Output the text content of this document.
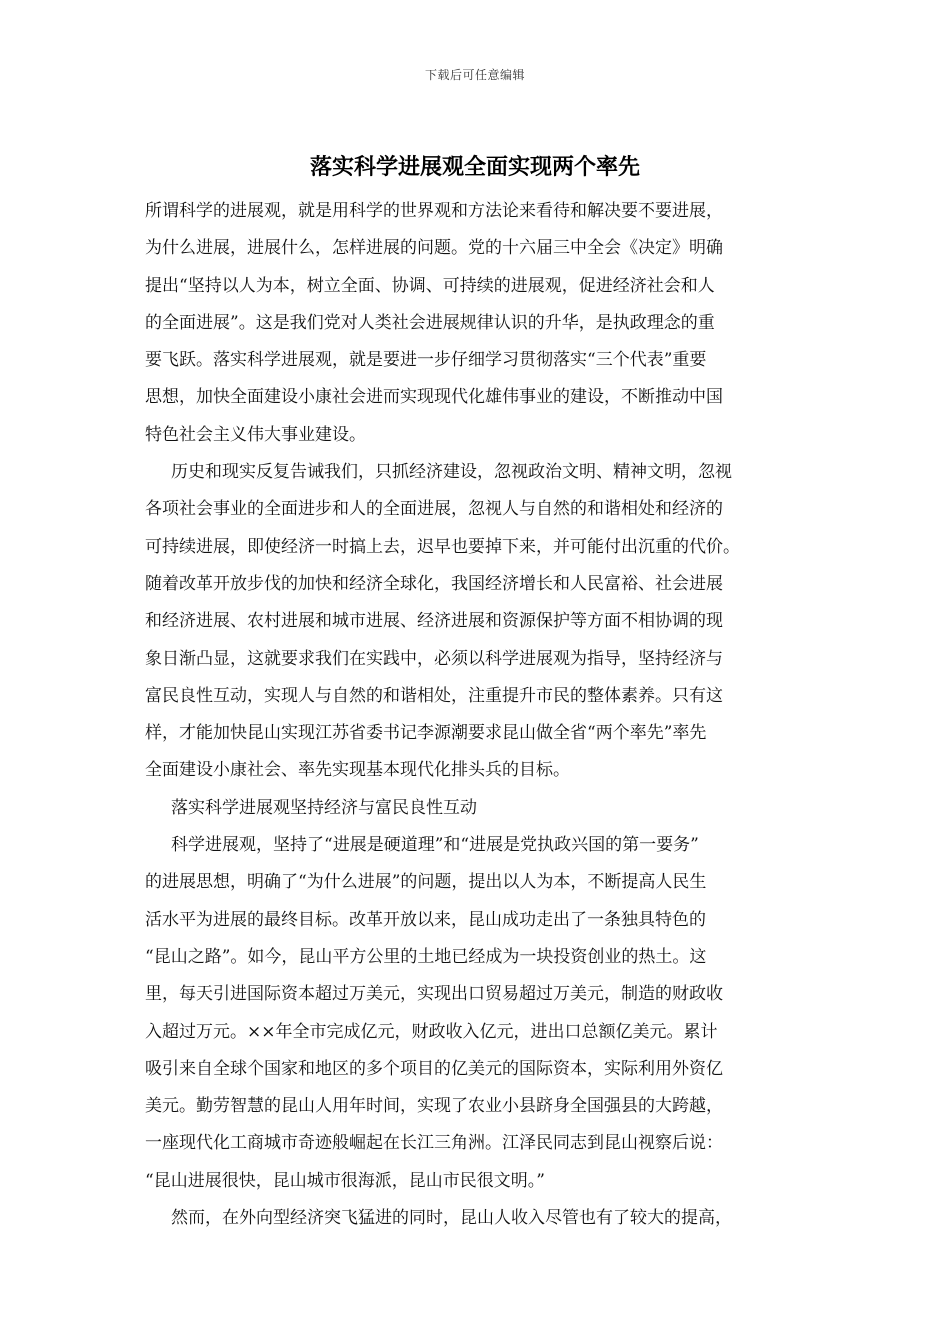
下载后可任意编辑
落实科学进展观全面实现两个率先
所谓科学的进展观，就是用科学的世界观和方法论来看待和解决要不要进展，
为什么进展，进展什么，怎样进展的问题。党的十六届三中全会《决定》明确
提出“坚持以人为本，树立全面、协调、可持续的进展观，促进经济社会和人
的全面进展”。这是我们党对人类社会进展规律认识的升华，是执政理念的重
要飞跃。落实科学进展观，就是要进一步仔细学习贯彻落实“三个代表”重要
思想，加快全面建设小康社会进而实现现代化雄伟事业的建设，不断推动中国
特色社会主义伟大事业建设。
历史和现实反复告诫我们，只抓经济建设，忽视政治文明、精神文明，忽视
各项社会事业的全面进步和人的全面进展，忽视人与自然的和谐相处和经济的
可持续进展，即使经济一时搞上去，迟早也要掉下来，并可能付出沉重的代价。
随着改革开放步伐的加快和经济全球化，我国经济增长和人民富裕、社会进展
和经济进展、农村进展和城市进展、经济进展和资源保护等方面不相协调的现
象日渐凸显，这就要求我们在实践中，必须以科学进展观为指导，坚持经济与
富民良性互动，实现人与自然的和谐相处，注重提升市民的整体素养。只有这
样，才能加快昆山实现江苏省委书记李源潮要求昆山做全省“两个率先”率先
全面建设小康社会、率先实现基本现代化排头兵的目标。
落实科学进展观坚持经济与富民良性互动
科学进展观，坚持了“进展是硬道理”和“进展是党执政兴国的第一要务”
的进展思想，明确了“为什么进展”的问题，提出以人为本，不断提高人民生
活水平为进展的最终目标。改革开放以来，昆山成功走出了一条独具特色的
“昆山之路”。如今，昆山平方公里的土地已经成为一块投资创业的热土。这
里，每天引进国际资本超过万美元，实现出口贸易超过万美元，制造的财政收
入超过万元。××年全市完成亿元，财政收入亿元，进出口总额亿美元。累计
吸引来自全球个国家和地区的多个项目的亿美元的国际资本，实际利用外资亿
美元。勤劳智慧的昆山人用年时间，实现了农业小县跻身全国强县的大跨越，
一座现代化工商城市奇迹般崛起在长江三角洲。江泽民同志到昆山视察后说：
“昆山进展很快，昆山城市很海派，昆山市民很文明。”
然而，在外向型经济突飞猛进的同时，昆山人收入尽管也有了较大的提高，
